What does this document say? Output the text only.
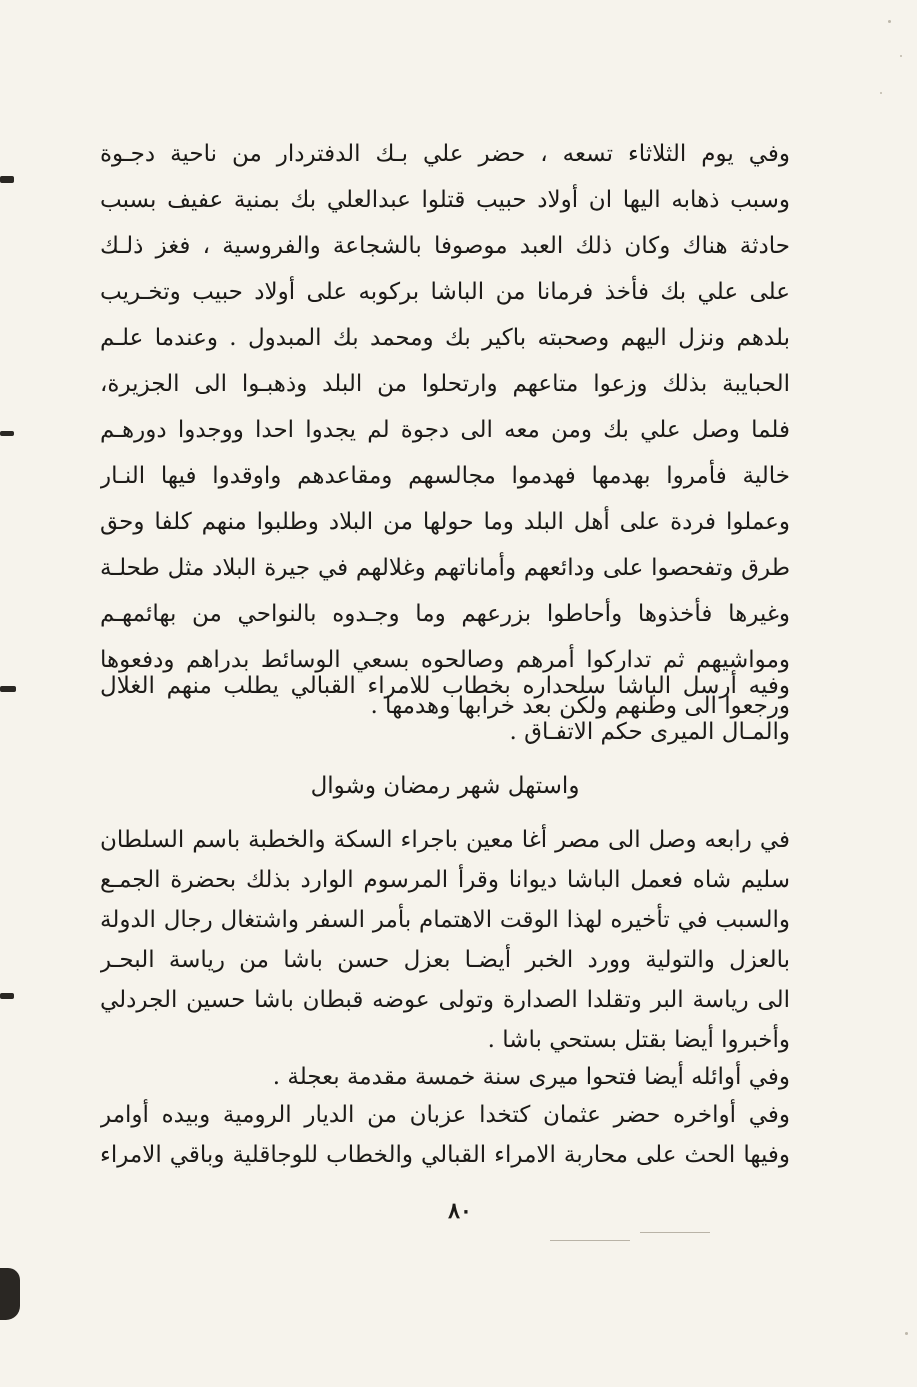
وفي يوم الثلاثاء تسعه ، حضر علي بـك الدفتردار من ناحية دجـوة
وسبب ذهابه اليها ان أولاد حبيب قتلوا عبدالعلي بك بمنية عفيف بسبب
حادثة هناك وكان ذلك العبد موصوفا بالشجاعة والفروسية ، فغز ذلـك
على علي بك فأخذ فرمانا من الباشا بركوبه على أولاد حبيب وتخـريب
بلدهم ونزل اليهم وصحبته باكير بك ومحمد بك المبدول . وعندما علـم
الحبايبة بذلك وزعوا متاعهم وارتحلوا من البلد وذهبـوا الى الجزيرة،
فلما وصل علي بك ومن معه الى دجوة لم يجدوا احدا ووجدوا دورهـم
خالية فأمروا بهدمها فهدموا مجالسهم ومقاعدهم واوقدوا فيها النـار
وعملوا فردة على أهل البلد وما حولها من البلاد وطلبوا منهم كلفا وحق
طرق وتفحصوا على ودائعهم وأماناتهم وغلالهم في جيرة البلاد مثل طحلـة
وغيرها فأخذوها وأحاطوا بزرعهم وما وجـدوه بالنواحي من بهائمهـم
ومواشيهم ثم تداركوا أمرهم وصالحوه بسعي الوسائط بدراهم ودفعوها
ورجعوا الى وطنهم ولكن بعد خرابها وهدمها .
وفيه أرسل الباشا سلحداره بخطاب للامراء القبالي يطلب منهم الغلال
والمـال الميرى حكم الاتفـاق .
واستهل شهر رمضان وشوال
في رابعه وصل الى مصر أغا معين باجراء السكة والخطبة باسم السلطان
سليم شاه فعمل الباشا ديوانا وقرأ المرسوم الوارد بذلك بحضرة الجمـع
والسبب في تأخيره لهذا الوقت الاهتمام بأمر السفر واشتغال رجال الدولة
بالعزل والتولية وورد الخبر أيضـا بعزل حسن باشا من رياسة البحـر
الى رياسة البر وتقلدا الصدارة وتولى عوضه قبطان باشا حسين الجردلي
وأخبروا أيضا بقتل بستحي باشا .
وفي أوائله أيضا فتحوا ميرى سنة خمسة مقدمة بعجلة .
وفي أواخره حضر عثمان كتخدا عزبان من الديار الرومية وبيده أوامر
وفيها الحث على محاربة الامراء القبالي والخطاب للوجاقلية وباقي الامراء
٨٠
